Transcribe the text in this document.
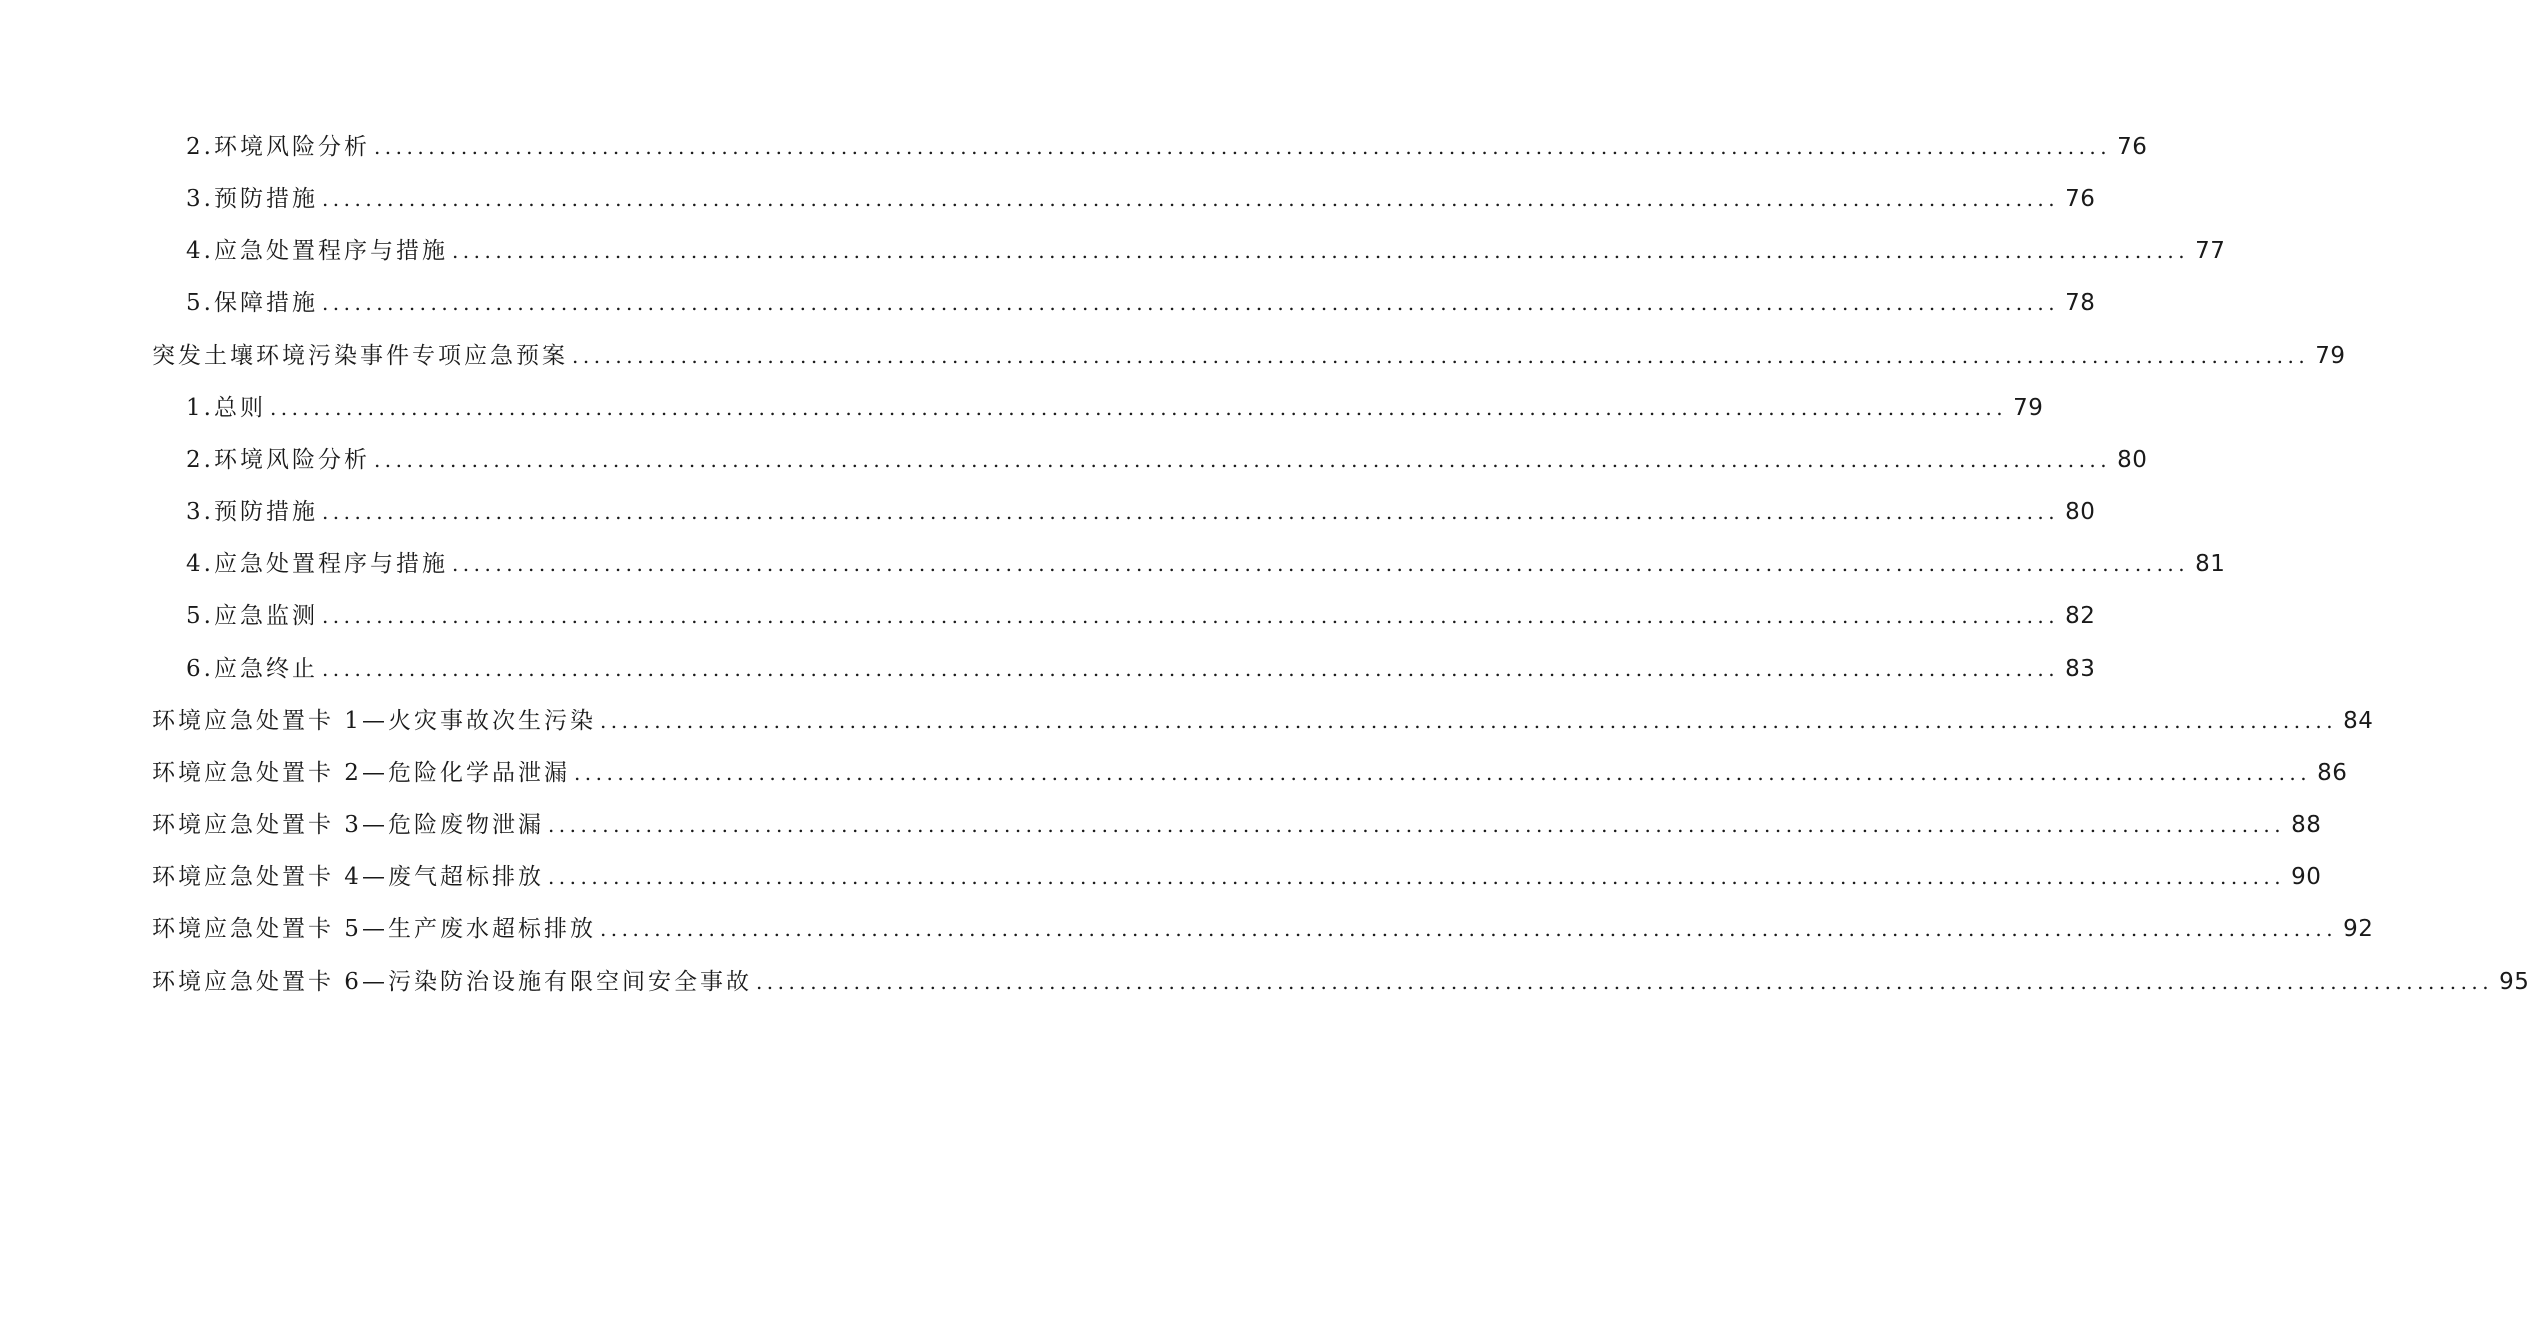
2.环境风险分析 ................................................................................................................................................................ 76
3.预防措施 ................................................................................................................................................................ 76
4.应急处置程序与措施 ................................................................................................................................................................ 77
5.保障措施 ................................................................................................................................................................ 78
突发土壤环境污染事件专项应急预案 ................................................................................................................................................................ 79
1.总则 ................................................................................................................................................................ 79
2.环境风险分析 ................................................................................................................................................................ 80
3.预防措施 ................................................................................................................................................................ 80
4.应急处置程序与措施 ................................................................................................................................................................ 81
5.应急监测 ................................................................................................................................................................ 82
6.应急终止 ................................................................................................................................................................ 83
环境应急处置卡 1—火灾事故次生污染 ................................................................................................................................................................ 84
环境应急处置卡 2—危险化学品泄漏 ................................................................................................................................................................ 86
环境应急处置卡 3—危险废物泄漏 ................................................................................................................................................................ 88
环境应急处置卡 4—废气超标排放 ................................................................................................................................................................ 90
环境应急处置卡 5—生产废水超标排放 ................................................................................................................................................................ 92
环境应急处置卡 6—污染防治设施有限空间安全事故 ................................................................................................................................................................ 95
